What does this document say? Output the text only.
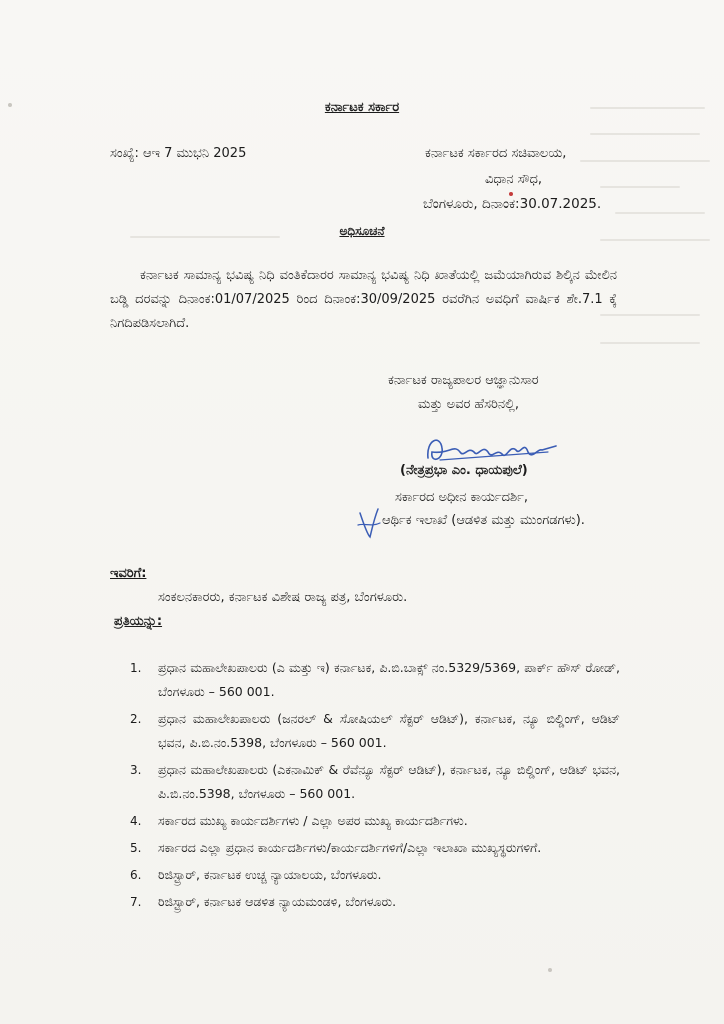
ಕರ್ನಾಟಕ ಸರ್ಕಾರ
ಸಂಖ್ಯೆ: ಆಇ 7 ಮುಭನಿ 2025	ಕರ್ನಾಟಕ ಸರ್ಕಾರದ ಸಚಿವಾಲಯ,
ವಿಧಾನ ಸೌಧ,
ಬೆಂಗಳೂರು, ದಿನಾಂಕ:30.07.2025.
ಅಧಿಸೂಚನೆ
ಕರ್ನಾಟಕ ಸಾಮಾನ್ಯ ಭವಿಷ್ಯ ನಿಧಿ ವಂತಿಕೆದಾರರ ಸಾಮಾನ್ಯ ಭವಿಷ್ಯ ನಿಧಿ ಖಾತೆಯಲ್ಲಿ ಜಮೆಯಾಗಿರುವ ಶಿಲ್ಕಿನ ಮೇಲಿನ ಬಡ್ಡಿ ದರವನ್ನು ದಿನಾಂಕ:01/07/2025 ರಿಂದ ದಿನಾಂಕ:30/09/2025 ರವರೆಗಿನ ಅವಧಿಗೆ ವಾರ್ಷಿಕ ಶೇ.7.1 ಕ್ಕೆ ನಿಗದಿಪಡಿಸಲಾಗಿದೆ.
ಕರ್ನಾಟಕ ರಾಜ್ಯಪಾಲರ ಆಜ್ಞಾನುಸಾರ
ಮತ್ತು ಅವರ ಹೆಸರಿನಲ್ಲಿ,
(ನೇತ್ರಪ್ರಭಾ ಎಂ. ಧಾಯಪುಲೆ)
ಸರ್ಕಾರದ ಅಧೀನ ಕಾರ್ಯದರ್ಶಿ,
ಆರ್ಥಿಕ ಇಲಾಖೆ (ಆಡಳಿತ ಮತ್ತು ಮುಂಗಡಗಳು).
ಇವರಿಗೆ:
ಸಂಕಲನಕಾರರು, ಕರ್ನಾಟಕ ವಿಶೇಷ ರಾಜ್ಯ ಪತ್ರ, ಬೆಂಗಳೂರು.
ಪ್ರತಿಯನ್ನು:
1. ಪ್ರಧಾನ ಮಹಾಲೇಖಪಾಲರು (ಎ ಮತ್ತು ಇ) ಕರ್ನಾಟಕ, ಪಿ.ಬಿ.ಬಾಕ್ಸ್ ನಂ.5329/5369, ಪಾರ್ಕ್ ಹೌಸ್ ರೋಡ್, ಬೆಂಗಳೂರು – 560 001.
2. ಪ್ರಧಾನ ಮಹಾಲೇಖಪಾಲರು (ಜನರಲ್ & ಸೋಷಿಯಲ್ ಸೆಕ್ಟರ್ ಆಡಿಟ್), ಕರ್ನಾಟಕ, ನ್ಯೂ ಬಿಲ್ಡಿಂಗ್, ಆಡಿಟ್ ಭವನ, ಪಿ.ಬಿ.ನಂ.5398, ಬೆಂಗಳೂರು – 560 001.
3. ಪ್ರಧಾನ ಮಹಾಲೇಖಪಾಲರು (ಎಕನಾಮಿಕ್ & ರೆವೆನ್ಯೂ ಸೆಕ್ಟರ್ ಆಡಿಟ್), ಕರ್ನಾಟಕ, ನ್ಯೂ ಬಿಲ್ಡಿಂಗ್, ಆಡಿಟ್ ಭವನ, ಪಿ.ಬಿ.ನಂ.5398, ಬೆಂಗಳೂರು – 560 001.
4. ಸರ್ಕಾರದ ಮುಖ್ಯ ಕಾರ್ಯದರ್ಶಿಗಳು / ಎಲ್ಲಾ ಅಪರ ಮುಖ್ಯ ಕಾರ್ಯದರ್ಶಿಗಳು.
5. ಸರ್ಕಾರದ ಎಲ್ಲಾ ಪ್ರಧಾನ ಕಾರ್ಯದರ್ಶಿಗಳು/ಕಾರ್ಯದರ್ಶಿಗಳಿಗೆ/ಎಲ್ಲಾ ಇಲಾಖಾ ಮುಖ್ಯಸ್ಥರುಗಳಿಗೆ.
6. ರಿಜಿಸ್ಟ್ರಾರ್, ಕರ್ನಾಟಕ ಉಚ್ಚ ನ್ಯಾಯಾಲಯ, ಬೆಂಗಳೂರು.
7. ರಿಜಿಸ್ಟ್ರಾರ್, ಕರ್ನಾಟಕ ಆಡಳಿತ ನ್ಯಾಯಮಂಡಳಿ, ಬೆಂಗಳೂರು.
